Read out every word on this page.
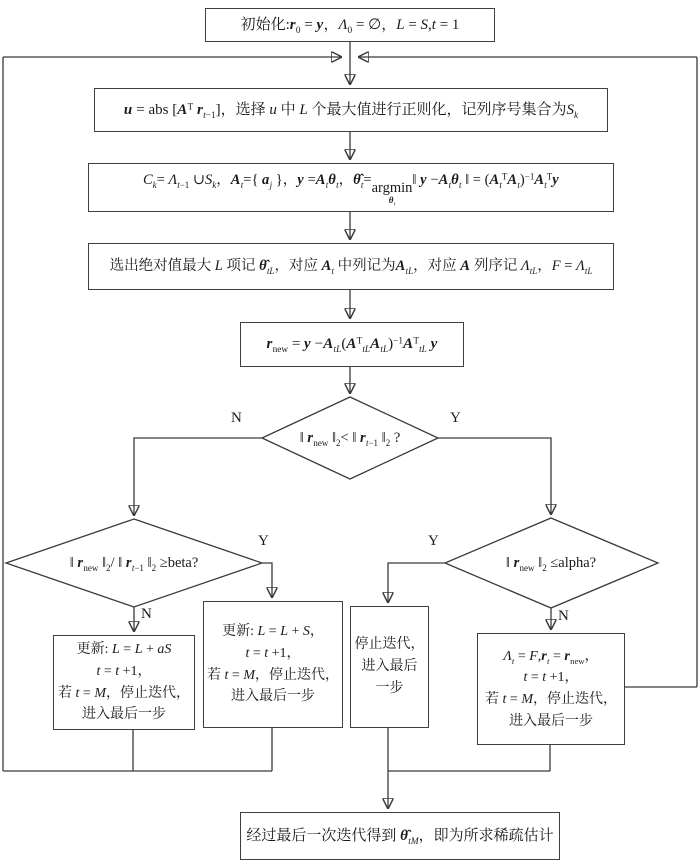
初始化$:r_0 = y$，$\Lambda_0$ = ∅，L = S,t = 1
u = abs [$A^T$ $r_{t-1}$]，选择 u 中 L 个最大值进行正则化，记列序号集合为$S_k$
$C_k= \Lambda_{t-1}$ $\cup S_k$，$A_t=${ $a_j$ }，$y =A_t\theta_t$，$\thetâ_t= argmin$
$\theta_t$
‖ $y -A_t\theta_t$ ‖ = $(A_t^TA_t)^{-1}A_t^Ty$
选出绝对值最大 L 项记 $\thetâ_{tL}$，对应 $A_t$ 中列记为$A_{tL}$，对应 A 列序记 $\Lambda_{tL}$，$F = \Lambda_{tL}$
$r_{new} = y -A_{tL}(A^T_{tL}A_{tL})^{-1}A^T_{tL}$ y
‖ $r_{new}$ $‖_2<$ ‖ $r_{t-1}$ $‖_2$ ?
‖ $r_{new}$ $‖_2/$ ‖ $r_{t-1}$ $‖_2$ ≥beta?	‖ $r_{new}$ $‖_2$ ≤alpha?
N	Y
Y
N
Y
N
更新: L = L + aS
t = t +1，
若 t = M，停止迭代，
进入最后一步
更新: L = L + S，
t = t +1，
若 t = M，停止迭代，
进入最后一步
停止迭代，
进入最后
一步
$\Lambda_t = F,r_t = r_{new}$，
t = t +1，
若 t = M，停止迭代，
进入最后一步
经过最后一次迭代得到 $\thetâ_{tM}$，即为所求稀疏估计
